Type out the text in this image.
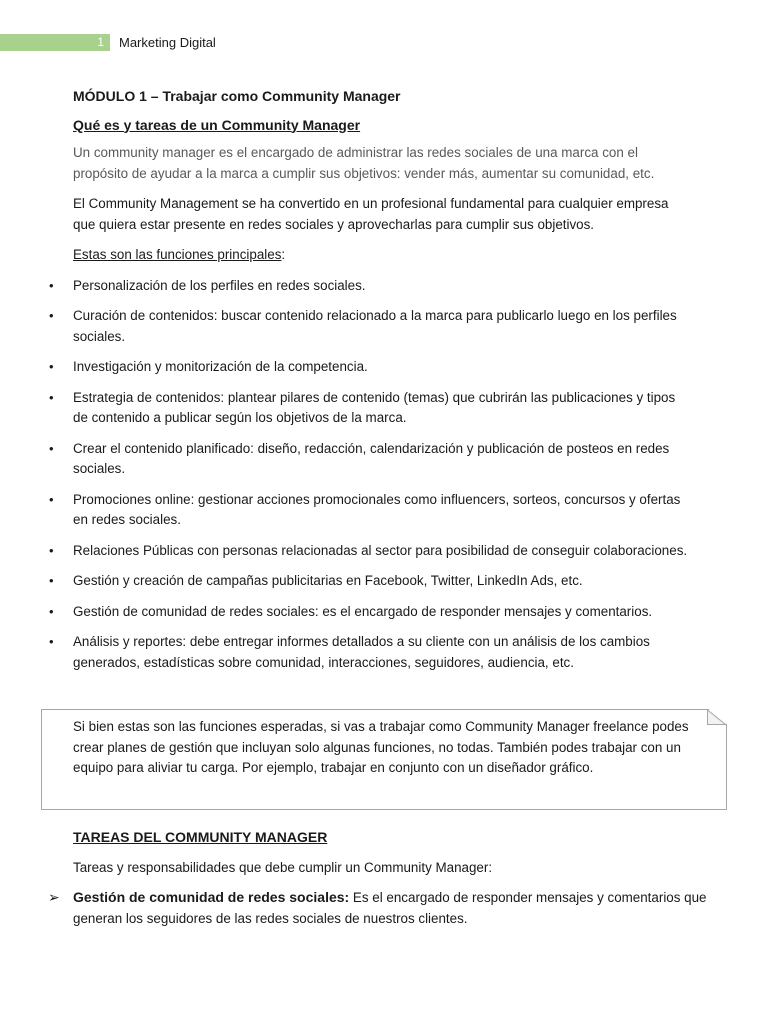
1 Marketing Digital
MÓDULO 1 – Trabajar como Community Manager
Qué es y tareas de un Community Manager

Un community manager es el encargado de administrar las redes sociales de una marca con el propósito de ayudar a la marca a cumplir sus objetivos: vender más, aumentar su comunidad, etc.

El Community Management se ha convertido en un profesional fundamental para cualquier empresa que quiera estar presente en redes sociales y aprovecharlas para cumplir sus objetivos.

Estas son las funciones principales:

• Personalización de los perfiles en redes sociales.
• Curación de contenidos: buscar contenido relacionado a la marca para publicarlo luego en los perfiles sociales.
• Investigación y monitorización de la competencia.
• Estrategia de contenidos: plantear pilares de contenido (temas) que cubrirán las publicaciones y tipos de contenido a publicar según los objetivos de la marca.
• Crear el contenido planificado: diseño, redacción, calendarización y publicación de posteos en redes sociales.
• Promociones online: gestionar acciones promocionales como influencers, sorteos, concursos y ofertas en redes sociales.
• Relaciones Públicas con personas relacionadas al sector para posibilidad de conseguir colaboraciones.
• Gestión y creación de campañas publicitarias en Facebook, Twitter, LinkedIn Ads, etc.
• Gestión de comunidad de redes sociales: es el encargado de responder mensajes y comentarios.
• Análisis y reportes: debe entregar informes detallados a su cliente con un análisis de los cambios generados, estadísticas sobre comunidad, interacciones, seguidores, audiencia, etc.
Si bien estas son las funciones esperadas, si vas a trabajar como Community Manager freelance podes crear planes de gestión que incluyan solo algunas funciones, no todas. También podes trabajar con un equipo para aliviar tu carga. Por ejemplo, trabajar en conjunto con un diseñador gráfico.
TAREAS DEL COMMUNITY MANAGER

Tareas y responsabilidades que debe cumplir un Community Manager:

➢ Gestión de comunidad de redes sociales: Es el encargado de responder mensajes y comentarios que generan los seguidores de las redes sociales de nuestros clientes.
